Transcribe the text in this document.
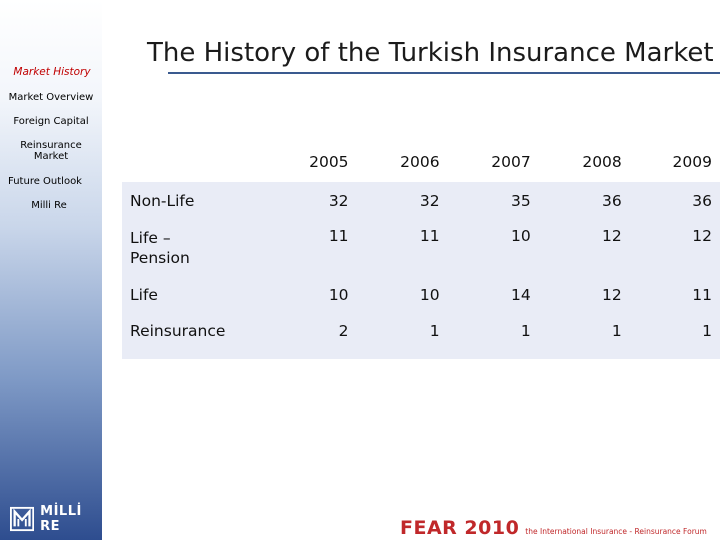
Market History
Market Overview
Foreign Capital
Reinsurance
Market
Future Outlook
Milli Re
MİLLİ RE
The History of the Turkish Insurance Market
	2005	2006	2007	2008	2009
Non-Life	32	32	35	36	36
Life –
Pension	11	11	10	12	12
Life	10	10	14	12	11
Reinsurance	2	1	1	1	1
FEAR 2010 the International Insurance - Reinsurance Forum
